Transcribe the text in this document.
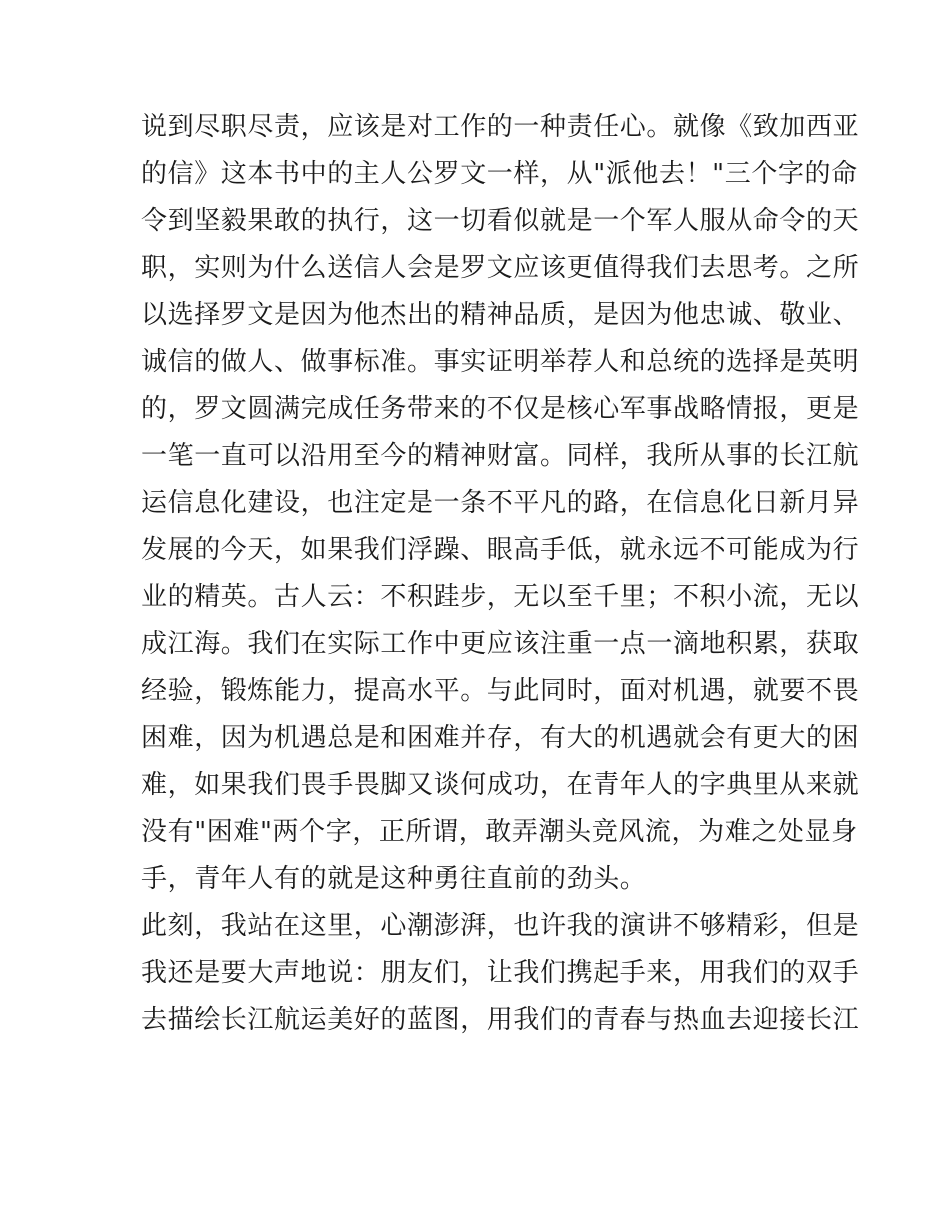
说到尽职尽责，应该是对工作的一种责任心。就像《致加西亚
的信》这本书中的主人公罗文一样，从"派他去！"三个字的命
令到坚毅果敢的执行，这一切看似就是一个军人服从命令的天
职，实则为什么送信人会是罗文应该更值得我们去思考。之所
以选择罗文是因为他杰出的精神品质，是因为他忠诚、敬业、
诚信的做人、做事标准。事实证明举荐人和总统的选择是英明
的，罗文圆满完成任务带来的不仅是核心军事战略情报，更是
一笔一直可以沿用至今的精神财富。同样，我所从事的长江航
运信息化建设，也注定是一条不平凡的路，在信息化日新月异
发展的今天，如果我们浮躁、眼高手低，就永远不可能成为行
业的精英。古人云：不积跬步，无以至千里；不积小流，无以
成江海。我们在实际工作中更应该注重一点一滴地积累，获取
经验，锻炼能力，提高水平。与此同时，面对机遇，就要不畏
困难，因为机遇总是和困难并存，有大的机遇就会有更大的困
难，如果我们畏手畏脚又谈何成功，在青年人的字典里从来就
没有"困难"两个字，正所谓，敢弄潮头竞风流，为难之处显身
手，青年人有的就是这种勇往直前的劲头。
此刻，我站在这里，心潮澎湃，也许我的演讲不够精彩，但是
我还是要大声地说：朋友们，让我们携起手来，用我们的双手
去描绘长江航运美好的蓝图，用我们的青春与热血去迎接长江
